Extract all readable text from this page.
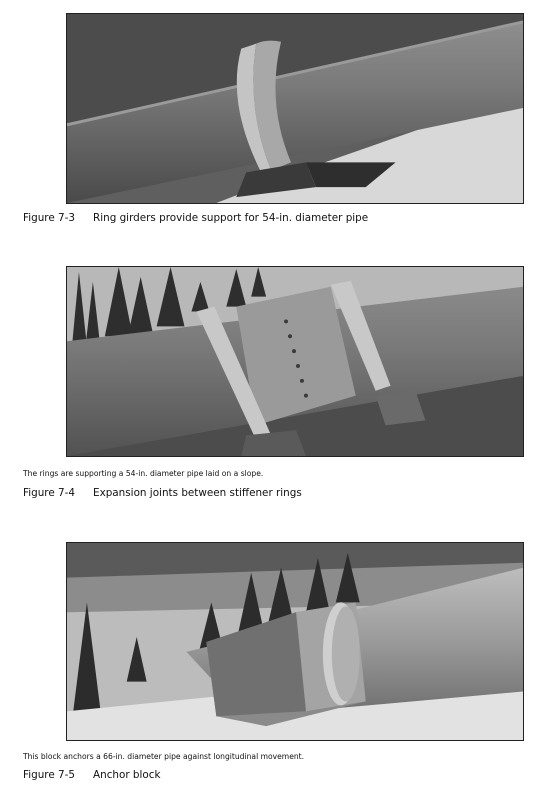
Figure 7-3 Ring girders provide support for 54-in. diameter pipe
The rings are supporting a 54-in. diameter pipe laid on a slope.
Figure 7-4 Expansion joints between stiffener rings
This block anchors a 66-in. diameter pipe against longitudinal movement.
Figure 7-5 Anchor block
